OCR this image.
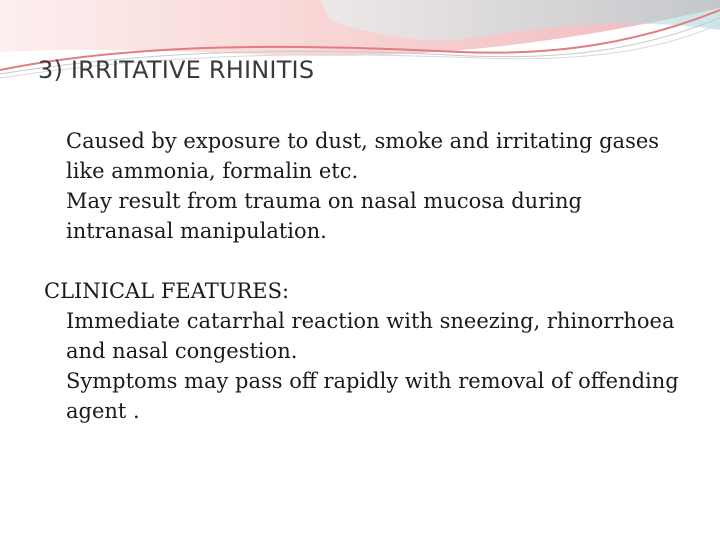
3) IRRITATIVE RHINITIS

Caused by exposure to dust, smoke and irritating gases like ammonia, formalin etc.

May result from trauma on nasal mucosa during intranasal manipulation.

CLINICAL FEATURES:

Immediate catarrhal reaction with sneezing, rhinorrhoea and nasal congestion.

Symptoms may pass off rapidly with removal of offending agent .
